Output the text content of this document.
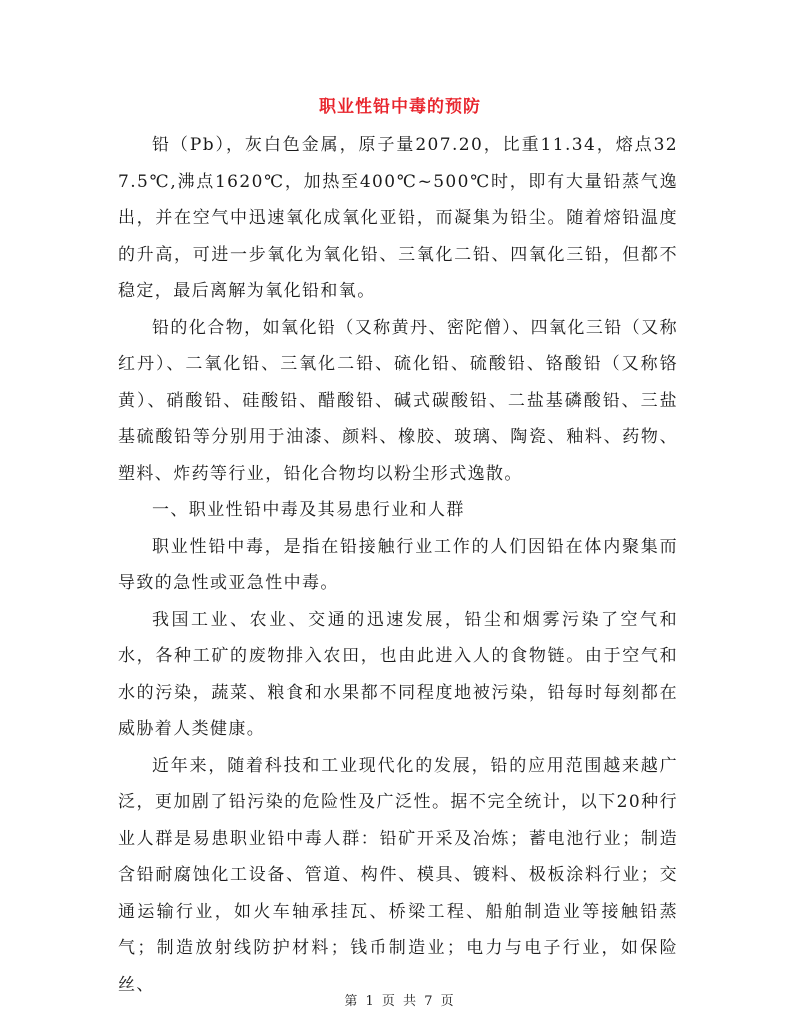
职业性铅中毒的预防

铅（Pb），灰白色金属，原子量207.20，比重11.34，熔点327.5℃,沸点1620℃，加热至400℃~500℃时，即有大量铅蒸气逸出，并在空气中迅速氧化成氧化亚铅，而凝集为铅尘。随着熔铅温度的升高，可进一步氧化为氧化铅、三氧化二铅、四氧化三铅，但都不稳定，最后离解为氧化铅和氧。

铅的化合物，如氧化铅（又称黄丹、密陀僧）、四氧化三铅（又称红丹）、二氧化铅、三氧化二铅、硫化铅、硫酸铅、铬酸铅（又称铬黄）、硝酸铅、硅酸铅、醋酸铅、碱式碳酸铅、二盐基磷酸铅、三盐基硫酸铅等分别用于油漆、颜料、橡胶、玻璃、陶瓷、釉料、药物、塑料、炸药等行业，铅化合物均以粉尘形式逸散。

一、职业性铅中毒及其易患行业和人群

职业性铅中毒，是指在铅接触行业工作的人们因铅在体内聚集而导致的急性或亚急性中毒。

我国工业、农业、交通的迅速发展，铅尘和烟雾污染了空气和水，各种工矿的废物排入农田，也由此进入人的食物链。由于空气和水的污染，蔬菜、粮食和水果都不同程度地被污染，铅每时每刻都在威胁着人类健康。

近年来，随着科技和工业现代化的发展，铅的应用范围越来越广泛，更加剧了铅污染的危险性及广泛性。据不完全统计，以下20种行业人群是易患职业铅中毒人群：铅矿开采及冶炼；蓄电池行业；制造含铅耐腐蚀化工设备、管道、构件、模具、镀料、极板涂料行业；交通运输行业，如火车轴承挂瓦、桥梁工程、船舶制造业等接触铅蒸气；制造放射线防护材料；钱币制造业；电力与电子行业，如保险丝、

第 1 页 共 7 页
